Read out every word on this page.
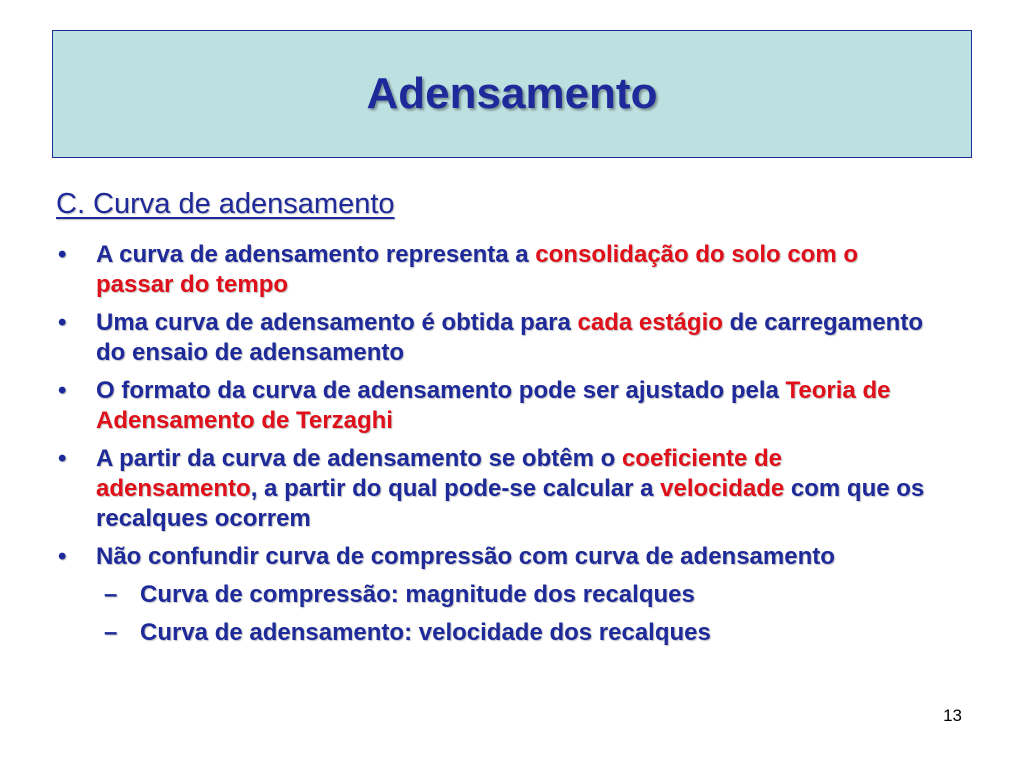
Adensamento
C. Curva de adensamento
• A curva de adensamento representa a consolidação do solo com o passar do tempo
• Uma curva de adensamento é obtida para cada estágio de carregamento do ensaio de adensamento
• O formato da curva de adensamento pode ser ajustado pela Teoria de Adensamento de Terzaghi
• A partir da curva de adensamento se obtêm o coeficiente de adensamento, a partir do qual pode-se calcular a velocidade com que os recalques ocorrem
• Não confundir curva de compressão com curva de adensamento
– Curva de compressão: magnitude dos recalques
– Curva de adensamento: velocidade dos recalques
13
